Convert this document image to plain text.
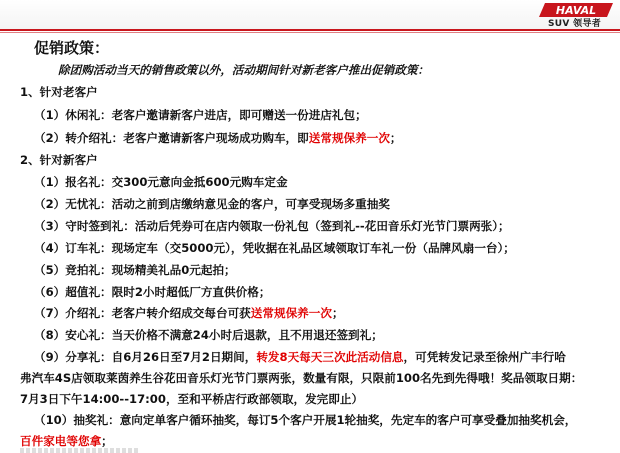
HAVAL
SUV 领导者
促销政策：
除团购活动当天的销售政策以外，活动期间针对新老客户推出促销政策：
1、针对老客户
（1）休闲礼：老客户邀请新客户进店，即可赠送一份进店礼包；
（2）转介绍礼：老客户邀请新客户现场成功购车，即送常规保养一次；
2、针对新客户
（1）报名礼：交300元意向金抵600元购车定金
（2）无忧礼：活动之前到店缴纳意见金的客户，可享受现场多重抽奖
（3）守时签到礼：活动后凭券可在店内领取一份礼包（签到礼--花田音乐灯光节门票两张）；
（4）订车礼：现场定车（交5000元），凭收据在礼品区域领取订车礼一份（品牌风扇一台）；
（5）竞拍礼：现场精美礼品0元起拍；
（6）超值礼：限时2小时超低厂方直供价格；
（7）介绍礼：老客户转介绍成交每台可获送常规保养一次；
（8）安心礼：当天价格不满意24小时后退款，且不用退还签到礼；
（9）分享礼：自6月26日至7月2日期间，转发8天每天三次此活动信息，可凭转发记录至徐州广丰行哈
弗汽车4S店领取莱茵养生谷花田音乐灯光节门票两张，数量有限，只限前100名先到先得哦！奖品领取日期：
7月3日下午14:00--17:00，至和平桥店行政部领取，发完即止）
（10）抽奖礼：意向定单客户循环抽奖，每订5个客户开展1轮抽奖，先定车的客户可享受叠加抽奖机会，
百件家电等您拿；
